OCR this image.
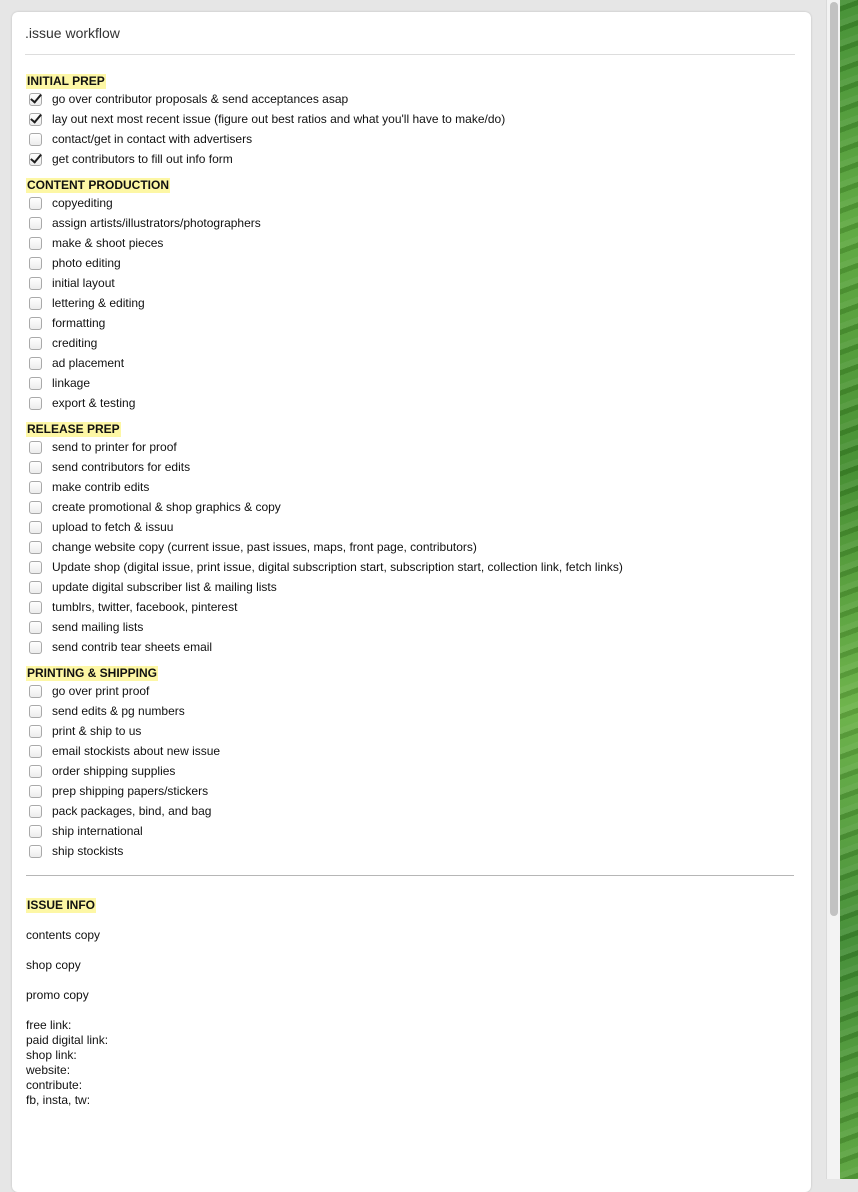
.issue workflow
INITIAL PREP
go over contributor proposals & send acceptances asap
lay out next most recent issue (figure out best ratios and what you'll have to make/do)
contact/get in contact with advertisers
get contributors to fill out info form
CONTENT PRODUCTION
copyediting
assign artists/illustrators/photographers
make & shoot pieces
photo editing
initial layout
lettering & editing
formatting
crediting
ad placement
linkage
export & testing
RELEASE PREP
send to printer for proof
send contributors for edits
make contrib edits
create promotional & shop graphics & copy
upload to fetch & issuu
change website copy (current issue, past issues, maps, front page, contributors)
Update shop (digital issue, print issue, digital subscription start, subscription start, collection link, fetch links)
update digital subscriber list & mailing lists
tumblrs, twitter, facebook, pinterest
send mailing lists
send contrib tear sheets email
PRINTING & SHIPPING
go over print proof
send edits & pg numbers
print & ship to us
email stockists about new issue
order shipping supplies
prep shipping papers/stickers
pack packages, bind, and bag
ship international
ship stockists
ISSUE INFO
contents copy
shop copy
promo copy
free link:
paid digital link:
shop link:
website:
contribute:
fb, insta, tw:
